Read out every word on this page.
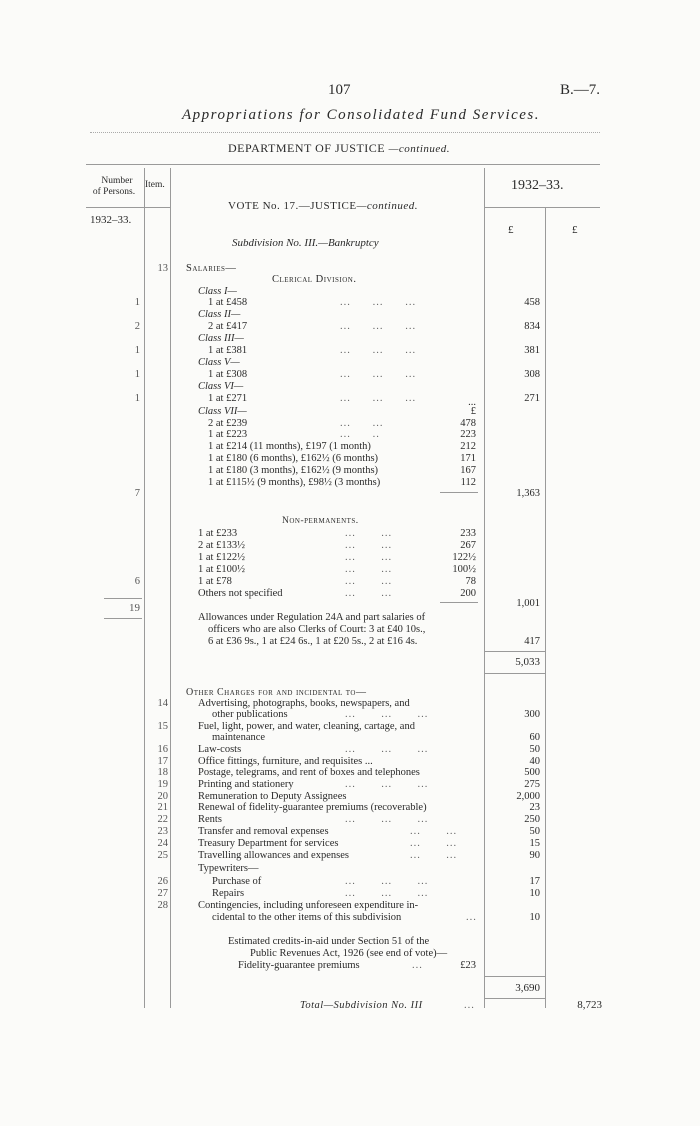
107	B.—7.
Appropriations for Consolidated Fund Services.
DEPARTMENT OF JUSTICE —continued.
Number
of Persons.
Item.	1932–33.
1932–33.
£	£
VOTE No. 17.—JUSTICE—continued.
Subdivision No. III.—Bankruptcy
13 Salaries—
Clerical Division.
Class I—
1	1 at £458	...      ...      ...	458
Class II—
2	2 at £417	...      ...      ...	834
Class III—
1	1 at £381	...      ...      ...	381
Class V—
1	1 at £308	...      ...      ...	308
Class VI—
1	1 at £271	...      ...      ...	271
Class VII—	£
...
2 at £239	...      ...	478
1 at £223	...      ..	223
1 at £214 (11 months), £197 (1 month)	212
1 at £180 (6 months), £162½ (6 months)	171
1 at £180 (3 months), £162½ (9 months)	167
1 at £115½ (9 months), £98½ (3 months)	112
7	1,363
Non-permanents.
1 at £233	...       ...	233
2 at £133½	...       ...	267
1 at £122½	...       ...	122½
1 at £100½	...       ...	100½
6	1 at £78	...       ...	78
Others not specified	...       ...	200
1,001
19
Allowances under Regulation 24A and part salaries of
officers who are also Clerks of Court: 3 at £40 10s.,
6 at £36 9s., 1 at £24 6s., 1 at £20 5s., 2 at £16 4s.	417
5,033
Other Charges for and incidental to—
14	Advertising, photographs, books, newspapers, and
other publications	...       ...       ...	300
15	Fuel, light, power, and water, cleaning, cartage, and
maintenance	60
16	Law-costs	...       ...       ...	50
17	Office fittings, furniture, and requisites ...	40
18	Postage, telegrams, and rent of boxes and telephones	500
19	Printing and stationery	...       ...       ...	275
20	Remuneration to Deputy Assignees	2,000
21	Renewal of fidelity-guarantee premiums (recoverable)	23
22	Rents	...       ...       ...	250
23	Transfer and removal expenses	...       ...	50
24	Treasury Department for services	...       ...	15
25	Travelling allowances and expenses	...       ...	90
Typewriters—
26	Purchase of	...       ...       ...	17
27	Repairs	...       ...       ...	10
28	Contingencies, including unforeseen expenditure in-
cidental to the other items of this subdivision	...	10
Estimated credits-in-aid under Section 51 of the
Public Revenues Act, 1926 (see end of vote)—
Fidelity-guarantee premiums	...	£23
3,690
Total—Subdivision No. III	...	8,723
